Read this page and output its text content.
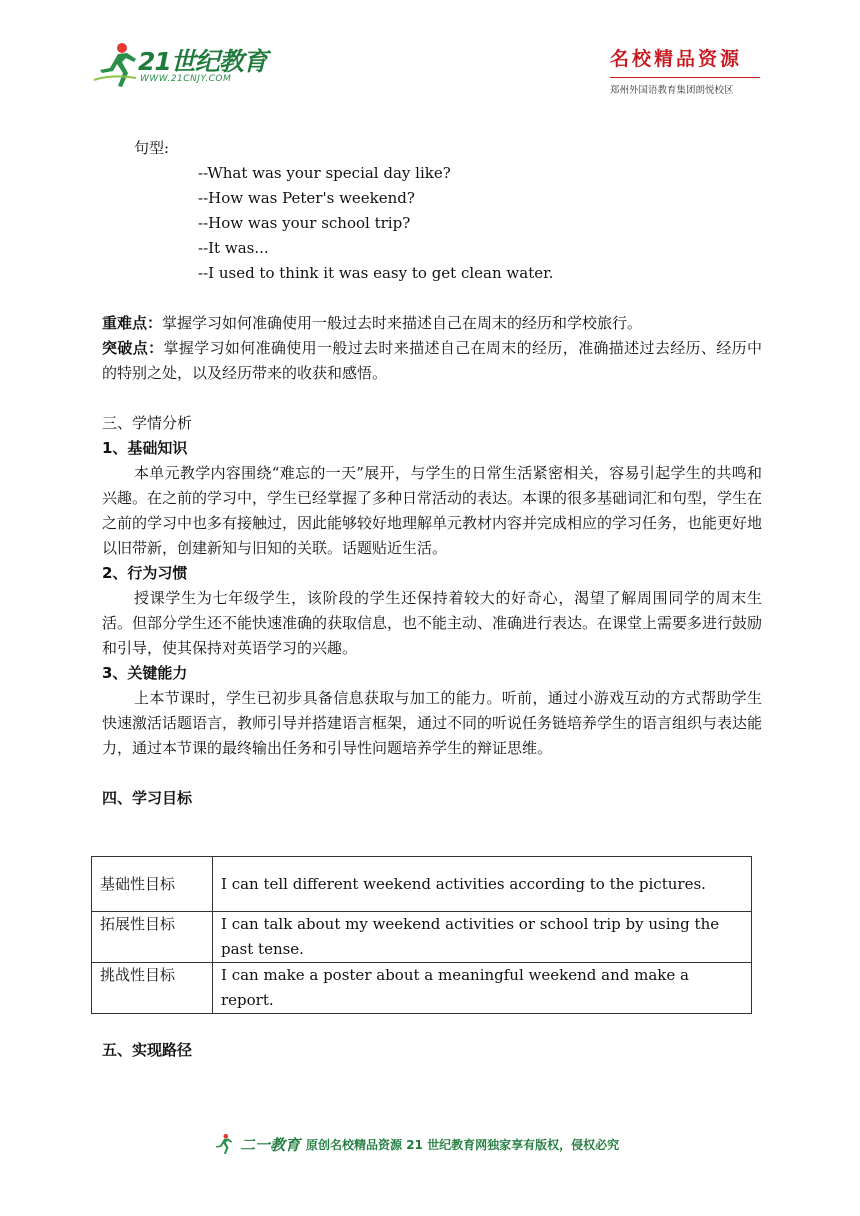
21世纪教育
WWW.21CNJY.COM
名校精品资源
郑州外国语教育集团朗悦校区
句型:
--What was your special day like?
--How was Peter's weekend?
--How was your school trip?
--It was...
--I used to think it was easy to get clean water.
重难点：掌握学习如何准确使用一般过去时来描述自己在周末的经历和学校旅行。
突破点：掌握学习如何准确使用一般过去时来描述自己在周末的经历，准确描述过去经历、经历中的特别之处，以及经历带来的收获和感悟。
三、学情分析
1、基础知识
本单元教学内容围绕“难忘的一天”展开，与学生的日常生活紧密相关，容易引起学生的共鸣和兴趣。在之前的学习中，学生已经掌握了多种日常活动的表达。本课的很多基础词汇和句型，学生在之前的学习中也多有接触过，因此能够较好地理解单元教材内容并完成相应的学习任务，也能更好地以旧带新，创建新知与旧知的关联。话题贴近生活。
2、行为习惯
授课学生为七年级学生，该阶段的学生还保持着较大的好奇心，渴望了解周围同学的周末生活。但部分学生还不能快速准确的获取信息，也不能主动、准确进行表达。在课堂上需要多进行鼓励和引导，使其保持对英语学习的兴趣。
3、关键能力
上本节课时，学生已初步具备信息获取与加工的能力。听前，通过小游戏互动的方式帮助学生快速激活话题语言，教师引导并搭建语言框架，通过不同的听说任务链培养学生的语言组织与表达能力，通过本节课的最终输出任务和引导性问题培养学生的辩证思维。
四、学习目标
基础性目标	I can tell different weekend activities according to the pictures.
拓展性目标	I can talk about my weekend activities or school trip by using the past tense.
挑战性目标	I can make a poster about a meaningful weekend and make a report.
五、实现路径
二一教育 原创名校精品资源 21 世纪教育网独家享有版权，侵权必究
